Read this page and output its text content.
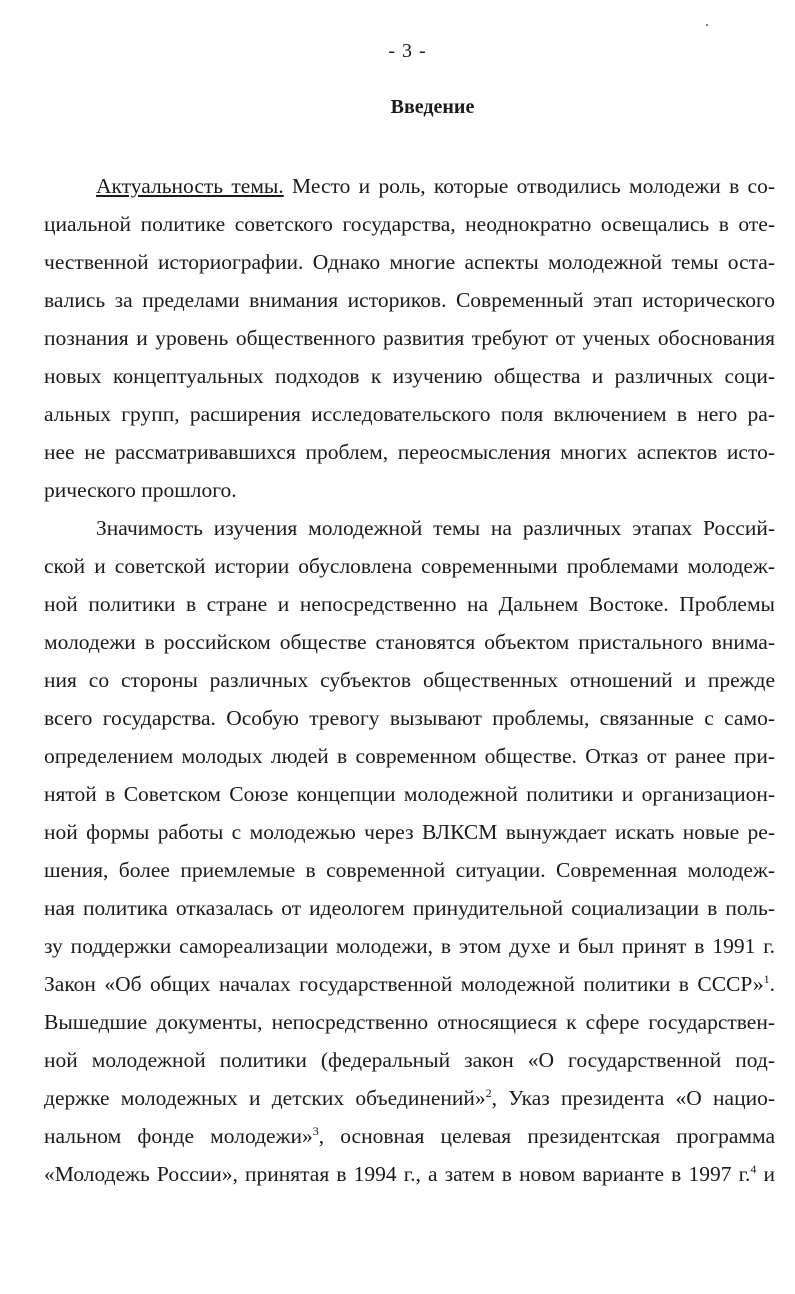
- 3 -
Введение
Актуальность темы. Место и роль, которые отводились молодежи в со-
циальной политике советского государства, неоднократно освещались в оте-
чественной историографии. Однако многие аспекты молодежной темы оста-
вались за пределами внимания историков. Современный этап исторического
познания и уровень общественного развития требуют от ученых обоснования
новых концептуальных подходов к изучению общества и различных соци-
альных групп, расширения исследовательского поля включением в него ра-
нее не рассматривавшихся проблем, переосмысления многих аспектов исто-
рического прошлого.
Значимость изучения молодежной темы на различных этапах Россий-
ской и советской истории обусловлена современными проблемами молодеж-
ной политики в стране и непосредственно на Дальнем Востоке. Проблемы
молодежи в российском обществе становятся объектом пристального внима-
ния со стороны различных субъектов общественных отношений и прежде
всего государства. Особую тревогу вызывают проблемы, связанные с само-
определением молодых людей в современном обществе. Отказ от ранее при-
нятой в Советском Союзе концепции молодежной политики и организацион-
ной формы работы с молодежью через ВЛКСМ вынуждает искать новые ре-
шения, более приемлемые в современной ситуации. Современная молодеж-
ная политика отказалась от идеологем принудительной социализации в поль-
зу поддержки самореализации молодежи, в этом духе и был принят в 1991 г.
Закон «Об общих началах государственной молодежной политики в СССР»$^1$.
Вышедшие документы, непосредственно относящиеся к сфере государствен-
ной молодежной политики (федеральный закон «О государственной под-
держке молодежных и детских объединений»$^2$, Указ президента «О нацио-
нальном фонде молодежи»$^3$, основная целевая президентская программа
«Молодежь России», принятая в 1994 г., а затем в новом варианте в 1997 г.$^4$ и
